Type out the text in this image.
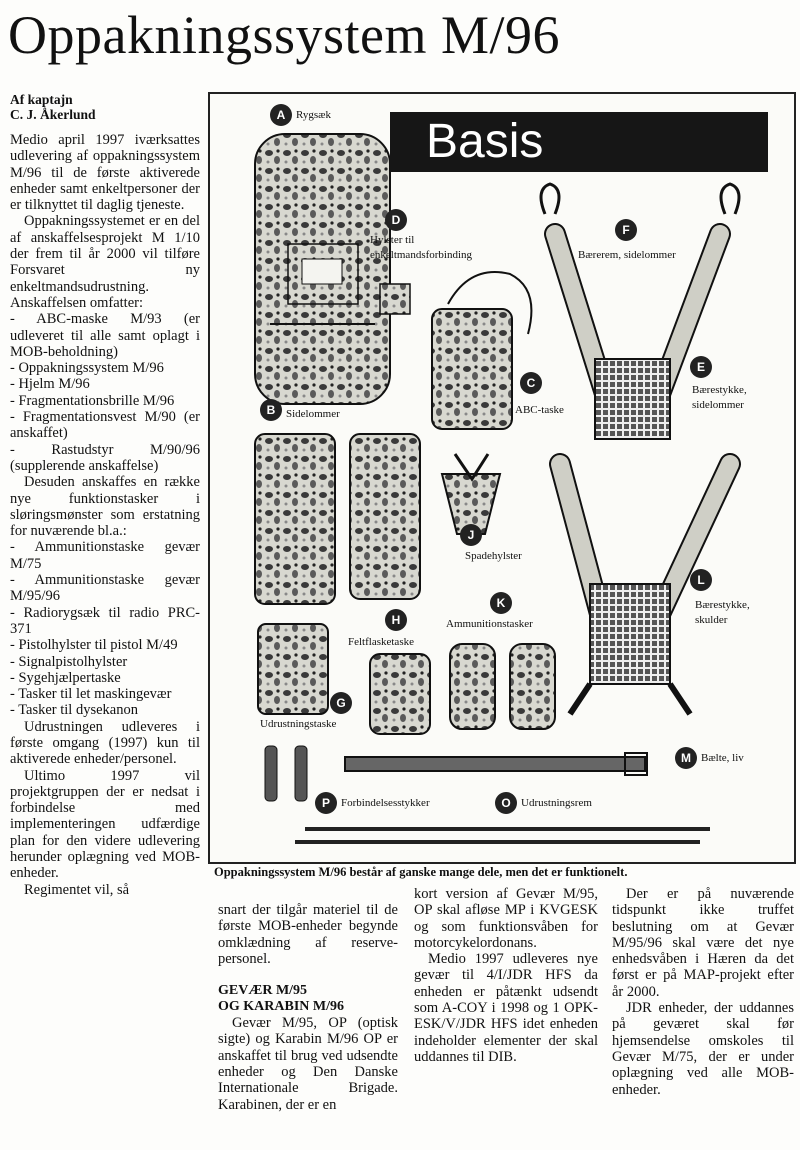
Oppakningssystem M/96
Af kaptajn
C. J. Åkerlund

Medio april 1997 iværksattes udlevering af oppakningssystem M/96 til de første aktiverede enheder samt enkeltpersoner der er tilknyttet til daglig tjeneste.

Oppakningssystemet er en del af anskaffelsesprojekt M 1/10 der frem til år 2000 vil tilføre Forsvaret ny enkeltmandsudrustning. Anskaffelsen omfatter:

- ABC-maske M/93 (er udleveret til alle samt oplagt i MOB-beholdning)

- Oppakningssystem M/96

- Hjelm M/96

- Fragmentationsbrille M/96

- Fragmentationsvest M/90 (er anskaffet)

- Rastudstyr M/90/96 (supplerende anskaffelse)

Desuden anskaffes en række nye funktionstasker i sløringsmønster som erstatning for nuværende bl.a.:

- Ammunitionstaske gevær M/75

- Ammunitionstaske gevær M/95/96

- Radiorygsæk til radio PRC-371

- Pistolhylster til pistol M/49

- Signalpistolhylster

- Sygehjælpertaske

- Tasker til let maskingevær

- Tasker til dysekanon

Udrustningen udleveres i første omgang (1997) kun til aktiverede enheder/personel.

Ultimo 1997 vil projektgruppen der er nedsat i forbindelse med implementeringen udfærdige plan for den videre udlevering herunder oplægning ved MOB-enheder.

Regimentet vil, så

Basis
A Rygsæk
D
Hylster til
enkeltmandsforbinding
F
Bærerem, sidelommer
C
ABC-taske
E
Bærestykke,
sidelommer
B Sidelommer
J
Spadehylster
L
Bærestykke,
skulder
K
Ammunitionstasker
H
Feltflasketaske
G
Udrustningstaske
M Bælte, liv
P	Forbindelsesstykker	O Udrustningsrem
Oppakningssystem M/96 består af ganske mange dele, men det er funktionelt.

snart der tilgår materiel til de første MOB-enheder begynde omklædning af reserve-personel.

GEVÆR M/95
OG KARABIN M/96

Gevær M/95, OP (optisk sigte) og Karabin M/96 OP er anskaffet til brug ved udsendte enheder og Den Danske Internationale Brigade. Karabinen, der er en

kort version af Gevær M/95, OP skal afløse MP i KVGESK og som funktionsvåben for motorcykelordonans.

Medio 1997 udleveres nye gevær til 4/I/JDR HFS da enheden er påtænkt udsendt som A-COY i 1998 og 1 OPK-ESK/V/JDR HFS idet enheden indeholder elementer der skal uddannes til DIB.

Der er på nuværende tidspunkt ikke truffet beslutning om at Gevær M/95/96 skal være det nye enhedsvåben i Hæren da det først er på MAP-projekt efter år 2000.

JDR enheder, der uddannes på geværet skal før hjemsendelse omskoles til Gevær M/75, der er under oplægning ved alle MOB-enheder.
